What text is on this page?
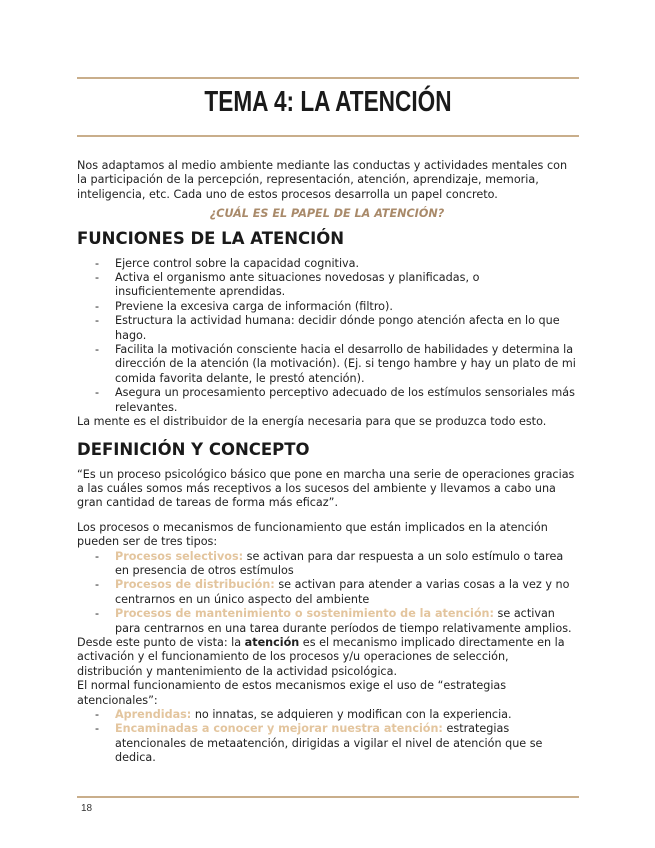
TEMA 4: LA ATENCIÓN

Nos adaptamos al medio ambiente mediante las conductas y actividades mentales con la participación de la percepción, representación, atención, aprendizaje, memoria, inteligencia, etc. Cada uno de estos procesos desarrolla un papel concreto.

¿CUÁL ES EL PAPEL DE LA ATENCIÓN?

FUNCIONES DE LA ATENCIÓN
- Ejerce control sobre la capacidad cognitiva.
- Activa el organismo ante situaciones novedosas y planificadas, o insuficientemente aprendidas.
- Previene la excesiva carga de información (filtro).
- Estructura la actividad humana: decidir dónde pongo atención afecta en lo que hago.
- Facilita la motivación consciente hacia el desarrollo de habilidades y determina la dirección de la atención (la motivación). (Ej. si tengo hambre y hay un plato de mi comida favorita delante, le prestó atención).
- Asegura un procesamiento perceptivo adecuado de los estímulos sensoriales más relevantes.

La mente es el distribuidor de la energía necesaria para que se produzca todo esto.

DEFINICIÓN Y CONCEPTO

“Es un proceso psicológico básico que pone en marcha una serie de operaciones gracias a las cuáles somos más receptivos a los sucesos del ambiente y llevamos a cabo una gran cantidad de tareas de forma más eficaz”.

Los procesos o mecanismos de funcionamiento que están implicados en la atención pueden ser de tres tipos:

- Procesos selectivos: se activan para dar respuesta a un solo estímulo o tarea en presencia de otros estímulos
- Procesos de distribución: se activan para atender a varias cosas a la vez y no centrarnos en un único aspecto del ambiente
- Procesos de mantenimiento o sostenimiento de la atención: se activan para centrarnos en una tarea durante períodos de tiempo relativamente amplios.

Desde este punto de vista: la atención es el mecanismo implicado directamente en la activación y el funcionamiento de los procesos y/u operaciones de selección, distribución y mantenimiento de la actividad psicológica.

El normal funcionamiento de estos mecanismos exige el uso de “estrategias atencionales”:

- Aprendidas: no innatas, se adquieren y modifican con la experiencia.
- Encaminadas a conocer y mejorar nuestra atención: estrategias atencionales de metaatención, dirigidas a vigilar el nivel de atención que se dedica.
18
